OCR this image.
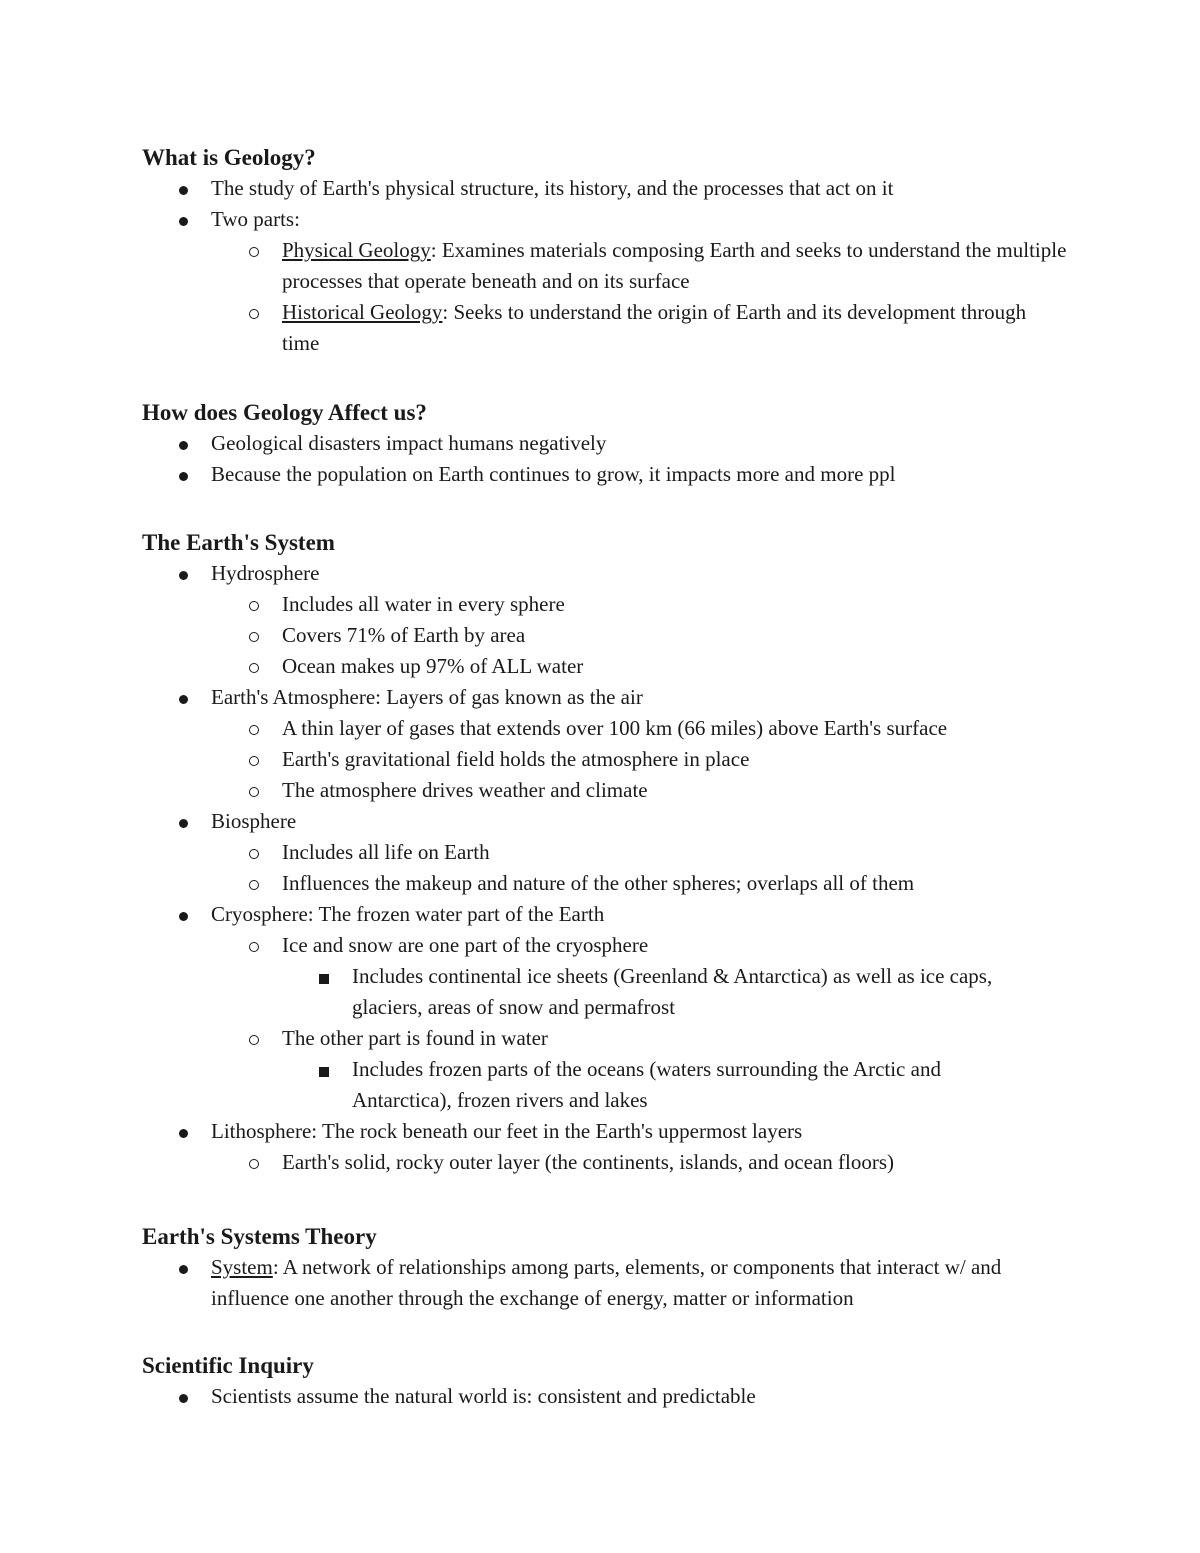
What is Geology?
The study of Earth's physical structure, its history, and the processes that act on it
Two parts:
Physical Geology: Examines materials composing Earth and seeks to understand the multiple processes that operate beneath and on its surface
Historical Geology: Seeks to understand the origin of Earth and its development through time
How does Geology Affect us?
Geological disasters impact humans negatively
Because the population on Earth continues to grow, it impacts more and more ppl
The Earth's System
Hydrosphere
Includes all water in every sphere
Covers 71% of Earth by area
Ocean makes up 97% of ALL water
Earth's Atmosphere: Layers of gas known as the air
A thin layer of gases that extends over 100 km (66 miles) above Earth's surface
Earth's gravitational field holds the atmosphere in place
The atmosphere drives weather and climate
Biosphere
Includes all life on Earth
Influences the makeup and nature of the other spheres; overlaps all of them
Cryosphere: The frozen water part of the Earth
Ice and snow are one part of the cryosphere
Includes continental ice sheets (Greenland & Antarctica) as well as ice caps, glaciers, areas of snow and permafrost
The other part is found in water
Includes frozen parts of the oceans (waters surrounding the Arctic and Antarctica), frozen rivers and lakes
Lithosphere: The rock beneath our feet in the Earth's uppermost layers
Earth's solid, rocky outer layer (the continents, islands, and ocean floors)
Earth's Systems Theory
System: A network of relationships among parts, elements, or components that interact w/ and influence one another through the exchange of energy, matter or information
Scientific Inquiry
Scientists assume the natural world is: consistent and predictable
